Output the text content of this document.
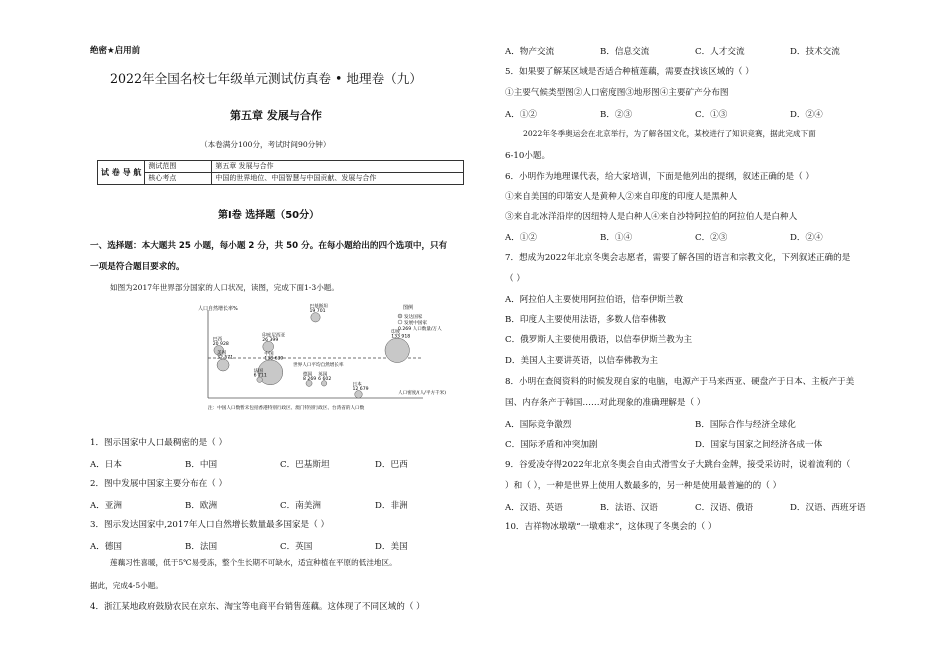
绝密★启用前
2022年全国名校七年级单元测试仿真卷 • 地理卷（九）
第五章 发展与合作
（本卷满分100分，考试时间90分钟）
试 卷 导 航	测试范围	第五章 发展与合作
	核心考点	中国的世界地位、中国智慧与中国贡献、发展与合作
第Ⅰ卷 选择题（50分）
一、选择题：本大题共 25 小题，每小题 2 分，共 50 分。在每小题给出的四个选项中，只有
一项是符合题目要求的。
如图为2017年世界部分国家的人口状况，读图，完成下面1-3小题。
人口自然增长率%
世界人口平均自然增长率
人口密度/(人/平方千米)
图例
发达国家
发展中国家
0.269 人口数量/万人
巴基斯坦
19 701
印度尼西亚
26 399
印度
133 918
巴西
20 928
美国
32 571
中国
138 639
法国
6 711	德国
8 269
英国
6 602
日本
12 679
注：中国人口数暂未包括香港特别行政区、澳门特别行政区、台湾省的人口数
1．图示国家中人口最稠密的是（ ）
A．日本	B．中国	C．巴基斯坦	D．巴西
2．图中发展中国家主要分布在（ ）
A．亚洲	B．欧洲	C．南美洲	D．非洲
3．图示发达国家中,2017年人口自然增长数量最多国家是（ ）
A．德国	B．法国	C．英国	D．美国
莲藕习性喜暖，低于5℃易受冻，整个生长期不可缺水，适宜种植在平原的低洼地区。
据此，完成4-5小题。
4．浙江某地政府鼓励农民在京东、淘宝等电商平台销售莲藕。这体现了不同区域的（ ）
A．物产交流	B．信息交流	C．人才交流	D．技术交流
5．如果要了解某区域是否适合种植莲藕，需要查找该区域的（ ）
①主要气候类型图②人口密度图③地形图④主要矿产分布图
A．①②	B．②③	C．①③	D．②④
2022年冬季奥运会在北京举行，为了解各国文化，某校进行了知识竞赛，据此完成下面
6-10小题。
6．小明作为地理课代表，给大家培训，下面是他列出的提纲，叙述正确的是（ ）
①来自美国的印第安人是黄种人②来自印度的印度人是黑种人
③来自北冰洋沿岸的因纽特人是白种人④来自沙特阿拉伯的阿拉伯人是白种人
A．①②	B．①④	C．②③	D．②④
7．想成为2022年北京冬奥会志愿者，需要了解各国的语言和宗教文化，下列叙述正确的是
（ ）
A．阿拉伯人主要使用阿拉伯语，信奉伊斯兰教
B．印度人主要使用法语，多数人信奉佛教
C．俄罗斯人主要使用俄语，以信奉伊斯兰教为主
D．美国人主要讲英语，以信奉佛教为主
8．小明在查阅资料的时候发现自家的电脑，电源产于马来西亚、硬盘产于日本、主板产于美
国、内存条产于韩国……对此现象的准确理解是（ ）
A．国际竞争激烈	B．国际合作与经济全球化
C．国际矛盾和冲突加剧	D．国家与国家之间经济各成一体
9．谷爱凌夺得2022年北京冬奥会自由式滑雪女子大跳台金牌，接受采访时，说着流利的（
）和（ ），一种是世界上使用人数最多的，另一种是使用最普遍的的（ ）
A．汉语、英语	B．法语、汉语	C．汉语、俄语	D．汉语、西班牙语
10．吉祥物冰墩墩“一墩难求”，这体现了冬奥会的（ ）
